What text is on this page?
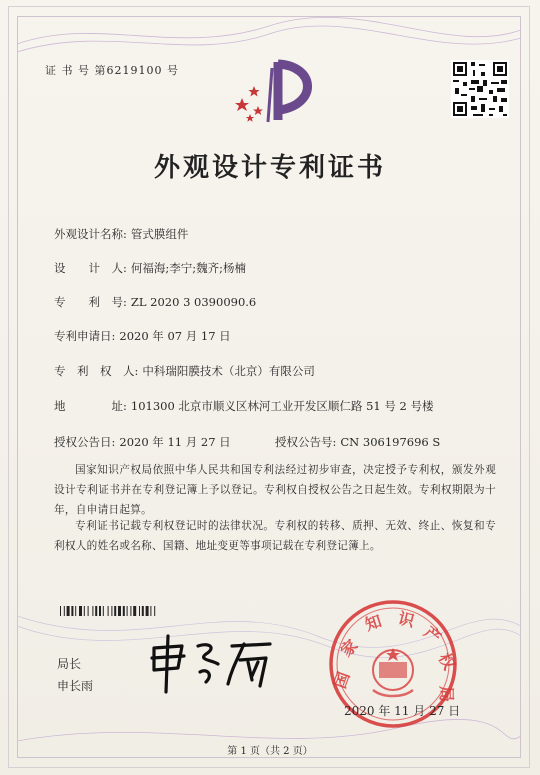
证 书 号 第6219100 号
外观设计专利证书
外观设计名称: 管式膜组件
设　　计　人: 何福海;李宁;魏齐;杨楠
专　　利　号: ZL 2020 3 0390090.6
专利申请日: 2020 年 07 月 17 日
专　利　权　人: 中科瑞阳膜技术（北京）有限公司
地　　　　址: 101300 北京市顺义区林河工业开发区顺仁路 51 号 2 号楼
授权公告日: 2020 年 11 月 27 日	授权公告号: CN 306197696 S
国家知识产权局依照中华人民共和国专利法经过初步审查，决定授予专利权，颁发外观设计专利证书并在专利登记簿上予以登记。专利权自授权公告之日起生效。专利权期限为十年，自申请日起算。
专利证书记载专利权登记时的法律状况。专利权的转移、质押、无效、终止、恢复和专利权人的姓名或名称、国籍、地址变更等事项记载在专利登记簿上。
局长
申长雨	国
家
知 识
产
权
局
2020 年 11 月 27 日
第 1 页（共 2 页）
